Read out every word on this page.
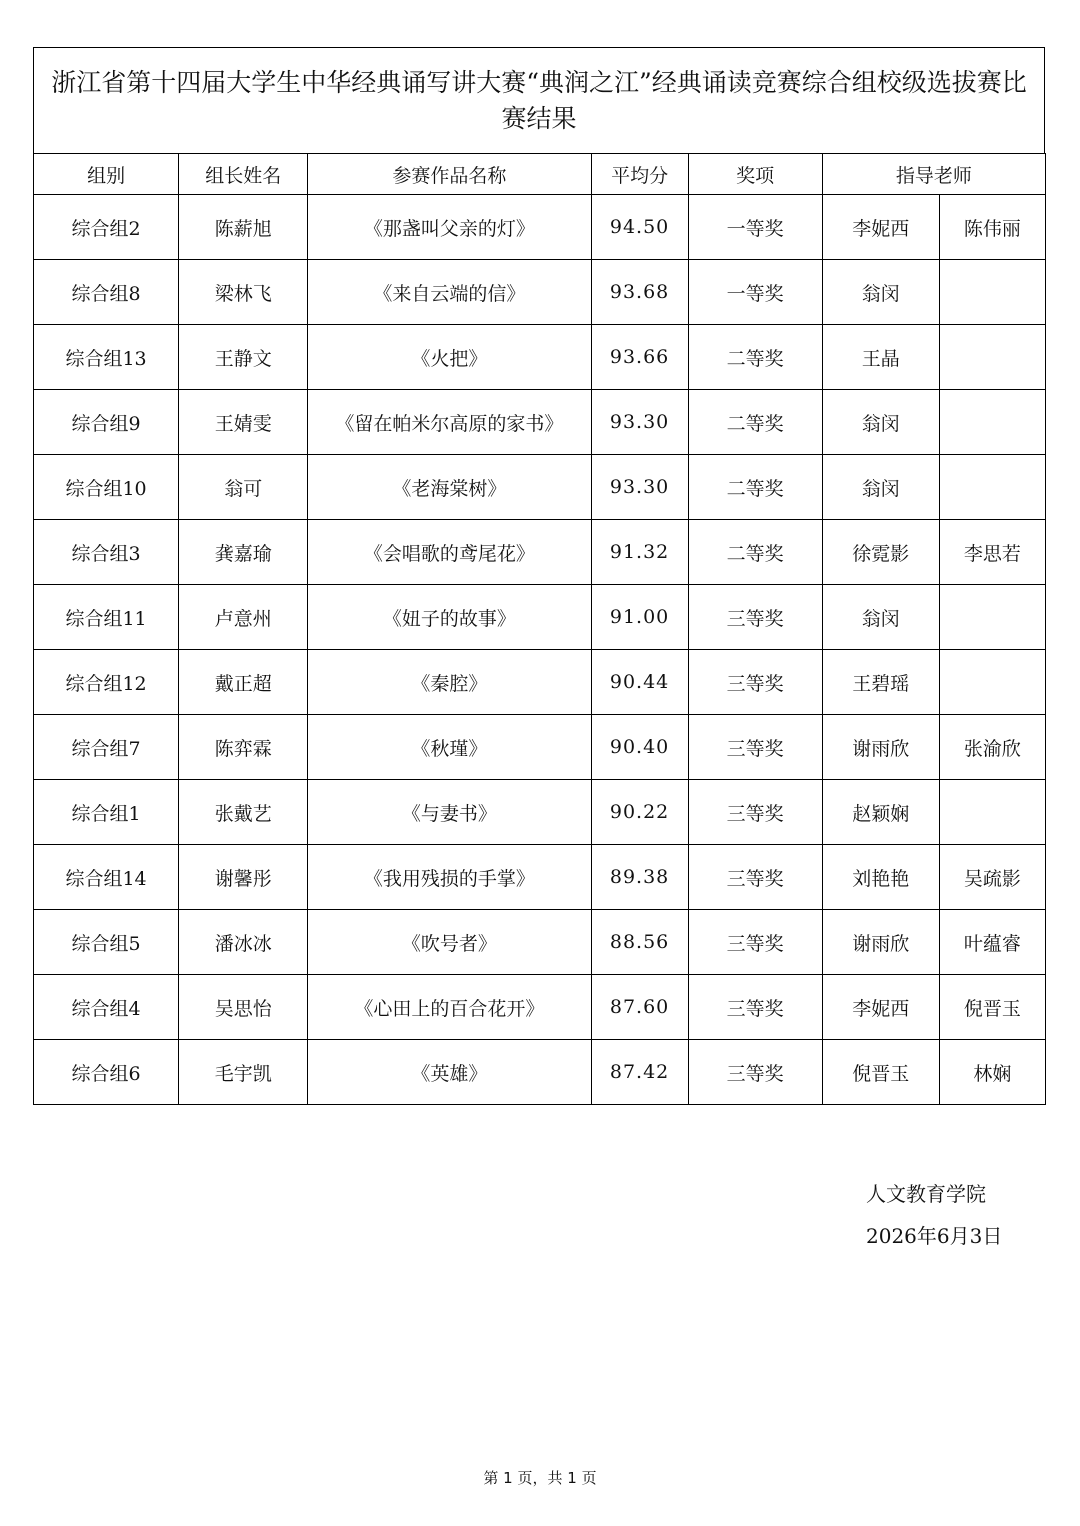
浙江省第十四届大学生中华经典诵写讲大赛“典润之江”经典诵读竞赛综合组校级选拔赛比赛结果
组别	组长姓名	参赛作品名称	平均分	奖项	指导老师	
综合组2	陈薪旭	《那盏叫父亲的灯》	94.50	一等奖	李妮西	陈伟丽
综合组8	梁林飞	《来自云端的信》	93.68	一等奖	翁闵	
综合组13	王静文	《火把》	93.66	二等奖	王晶	
综合组9	王婧雯	《留在帕米尔高原的家书》	93.30	二等奖	翁闵	
综合组10	翁可	《老海棠树》	93.30	二等奖	翁闵	
综合组3	龚嘉瑜	《会唱歌的鸢尾花》	91.32	二等奖	徐霓影	李思若
综合组11	卢意州	《妞子的故事》	91.00	三等奖	翁闵	
综合组12	戴正超	《秦腔》	90.44	三等奖	王碧瑶	
综合组7	陈弈霖	《秋瑾》	90.40	三等奖	谢雨欣	张渝欣
综合组1	张戴艺	《与妻书》	90.22	三等奖	赵颖娴	
综合组14	谢馨彤	《我用残损的手掌》	89.38	三等奖	刘艳艳	吴疏影
综合组5	潘冰冰	《吹号者》	88.56	三等奖	谢雨欣	叶蕴睿
综合组4	吴思怡	《心田上的百合花开》	87.60	三等奖	李妮西	倪晋玉
综合组6	毛宇凯	《英雄》	87.42	三等奖	倪晋玉	林娴
人文教育学院
2026年6月3日
第 1 页，共 1 页
